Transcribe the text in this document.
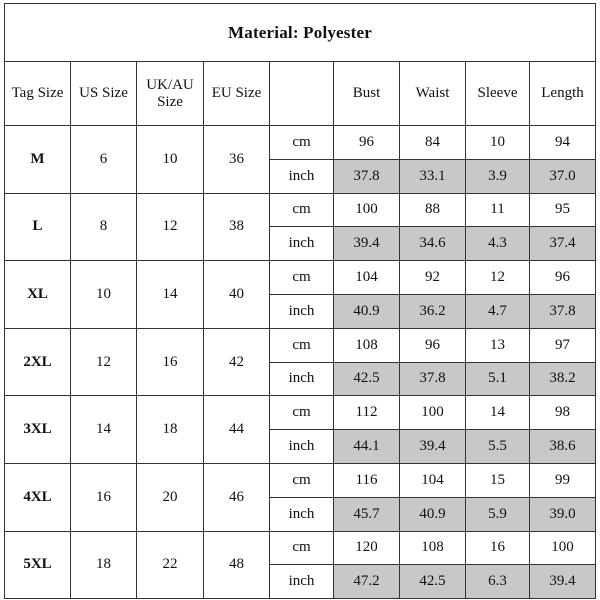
Material: Polyester								
Tag Size	US Size	UK/AU Size	EU Size		Bust	Waist	Sleeve	Length
M	6	10	36	cm	96	84	10	94
				inch	37.8	33.1	3.9	37.0
L	8	12	38	cm	100	88	11	95
				inch	39.4	34.6	4.3	37.4
XL	10	14	40	cm	104	92	12	96
				inch	40.9	36.2	4.7	37.8
2XL	12	16	42	cm	108	96	13	97
				inch	42.5	37.8	5.1	38.2
3XL	14	18	44	cm	112	100	14	98
				inch	44.1	39.4	5.5	38.6
4XL	16	20	46	cm	116	104	15	99
				inch	45.7	40.9	5.9	39.0
5XL	18	22	48	cm	120	108	16	100
				inch	47.2	42.5	6.3	39.4
